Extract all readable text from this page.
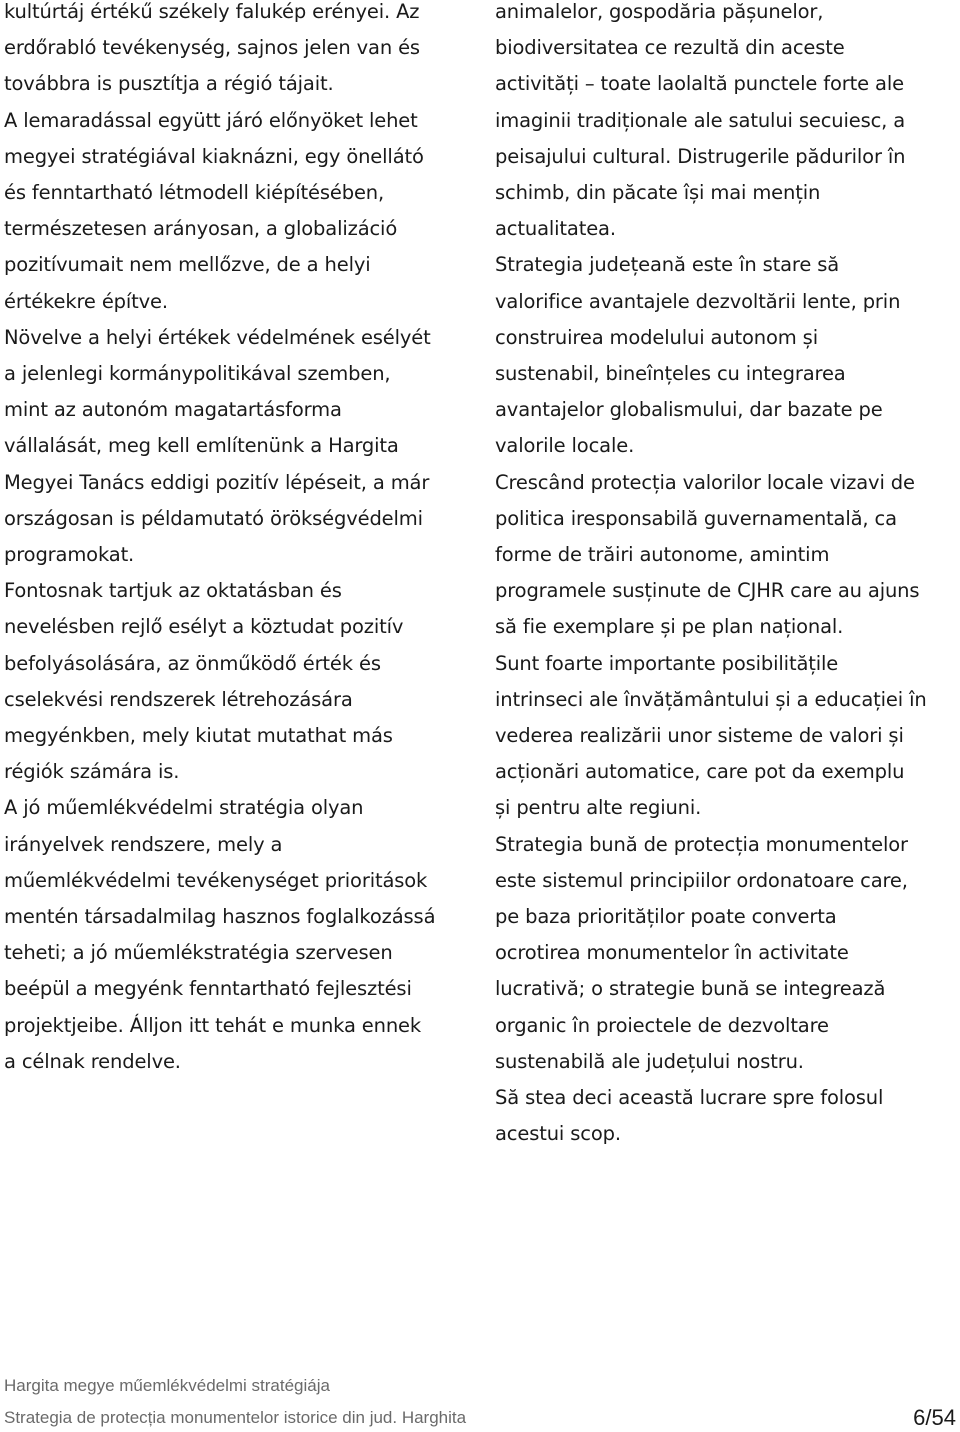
kultúrtáj értékű székely falukép erényei. Az
erdőrabló tevékenység, sajnos jelen van és
továbbra is pusztítja a régió tájait.
A lemaradással együtt járó előnyöket lehet
megyei stratégiával kiaknázni, egy önellátó
és fenntartható létmodell kiépítésében,
természetesen arányosan, a globalizáció
pozitívumait nem mellőzve, de a helyi
értékekre építve.
Növelve a helyi értékek védelmének esélyét
a jelenlegi kormánypolitikával szemben,
mint az autonóm magatartásforma
vállalását, meg kell említenünk a Hargita
Megyei Tanács eddigi pozitív lépéseit, a már
országosan is példamutató örökségvédelmi
programokat.
Fontosnak tartjuk az oktatásban és
nevelésben rejlő esélyt a köztudat pozitív
befolyásolására, az önműködő érték és
cselekvési rendszerek létrehozására
megyénkben, mely kiutat mutathat más
régiók számára is.
A jó műemlékvédelmi stratégia olyan
irányelvek rendszere, mely a
műemlékvédelmi tevékenységet prioritások
mentén társadalmilag hasznos foglalkozássá
teheti; a jó műemlékstratégia szervesen
beépül a megyénk fenntartható fejlesztési
projektjeibe. Álljon itt tehát e munka ennek
a célnak rendelve.
animalelor, gospodăria pășunelor,
biodiversitatea ce rezultă din aceste
activități – toate laolaltă punctele forte ale
imaginii tradiționale ale satului secuiesc, a
peisajului cultural. Distrugerile pădurilor în
schimb, din păcate își mai mențin
actualitatea.
Strategia județeană este în stare să
valorifice avantajele dezvoltării lente, prin
construirea modelului autonom și
sustenabil, bineînțeles cu integrarea
avantajelor globalismului, dar bazate pe
valorile locale.
Crescând protecția valorilor locale vizavi de
politica iresponsabilă guvernamentală, ca
forme de trăiri autonome, amintim
programele susținute de CJHR care au ajuns
să fie exemplare și pe plan național.
Sunt foarte importante posibilitățile
intrinseci ale învățământului și a educației în
vederea realizării unor sisteme de valori și
acționări automatice, care pot da exemplu
și pentru alte regiuni.
Strategia bună de protecția monumentelor
este sistemul principiilor ordonatoare care,
pe baza priorităților poate converta
ocrotirea monumentelor în activitate
lucrativă; o strategie bună se integrează
organic în proiectele de dezvoltare
sustenabilă ale județului nostru.
Să stea deci această lucrare spre folosul
acestui scop.
Hargita megye műemlékvédelmi stratégiája
Strategia de protecția monumentelor istorice din jud. Harghita	6/54
